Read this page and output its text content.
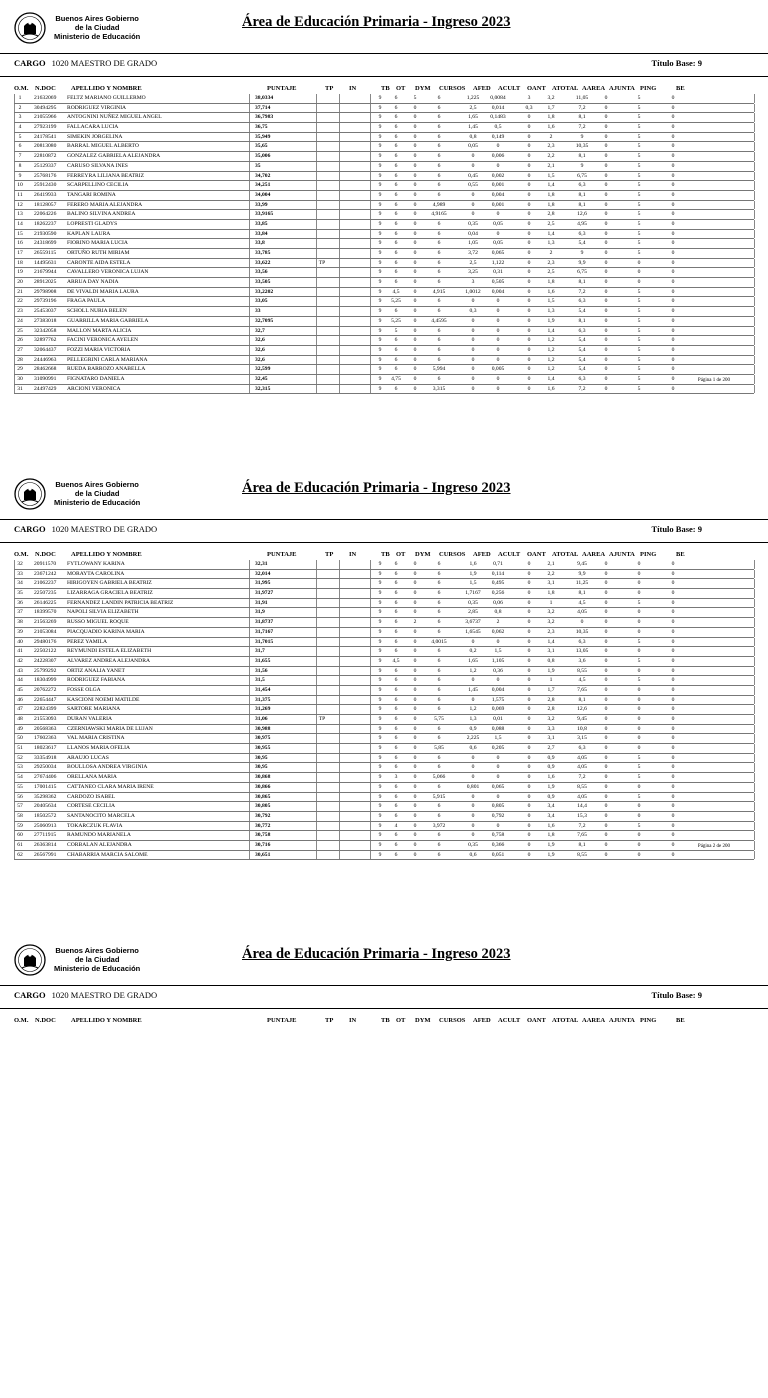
Buenos Aires Gobierno
de la Ciudad
Ministerio de Educación
Área de Educación Primaria - Ingreso 2023
CARGO 1020 MAESTRO DE GRADO	Título Base: 9
O.M. N.DOC APELLIDO Y NOMBRE	PUNTAJE	TP IN	TB OT DYM CURSOS AFED ACULT OANT ATOTAL AAREA AJUNTA PING	BE
1 21632069 FELTZ MARIANO GUILLERMO	38,0334	9 6	5	6	1,225 0,0084	3	3,2	11,05	0	5	0
2 30494295 RODRIGUEZ VIRGINIA	37,714	9 6	0	6	2,5	0,014	0,3	1,7	7,2	0	5	0
3 21055966 ANTOGNINI NUÑEZ MIGUEL ANGEL	36,7983	9 6	0	6	1,65 0,1483	0	1,8	8,1	0	5	0
4 27923199 FALLACARA LUCIA	36,75	9 6	0	6	1,45	0,5	0	1,6	7,2	0	5	0
5 24178541 SIMEKIN JORGELINA	35,949	9 6	0	6	0,8	0,149	0	2	9	0	5	0
6 20813080 BARRAL MIGUEL ALBERTO	35,65	9 6	0	6	0,05	0	0	2,3	10,35	0	5	0
7 22810872 GONZALEZ GABRIELA ALEJANDRA	35,006	9 6	0	6	0	0,006	0	2,2	8,1	0	5	0
8 25129337 CARUSO SILVANA INES	35	9 6	0	6	0	0	0	2,1	9	0	5	0
9 25768176 FERREYRA LILIANA BEATRIZ	34,702	9 6	0	6	0,45 0,002	0	1,5	6,75	0	5	0
10 25912430 SCARPELLINO CECILIA	34,251	9 6	0	6	0,55 0,001	0	1,4	6,3	0	5	0
11 26419933 TANGARI ROMINA	34,004	9 6	0	6	0	0,004	0	1,8	8,1	0	5	0
12 18128057 FERERO MARIA ALEJANDRA	33,99	9 6	0	4,989	0	0,001	0	1,8	8,1	0	5	0
13 22064226 BALINO SILVINA ANDREA	33,9165	9 6	0	4,9165	0	0	0	2,8	12,6	0	5	0
14 18262237 LOPRESTI GLADYS	33,85	9 6	0	6	0,35	0,05	0	2,5	4,95	0	5	0
15 21930590 KAPLAN LAURA	33,84	9 6	0	6	0,04	0	0	1,4	6,3	0	5	0
16 24318699 FIORINO MARIA LUCIA	33,8	9 6	0	6	1,05	0,05	0	1,3	5,4	0	5	0
17 26559115 ORTUÑO RUTH MIRIAM	33,785	9 6	0	6	3,72 0,065	0	2	9	0	5	0
18 14495631 CARONTE AIDA ESTELA	33,622	TP	9 6	0	6	2,5	1,122	0	2,3	9,9	0	0	0
19 21679944 CAVALLERO VERONICA LUJAN	33,56	9 6	0	6	3,25	0,31	0	2,5	6,75	0	0	0
20 28912025 ARRUA DAY NADIA	33,505	9 6	0	6	3	0,505	0	1,8	8,1	0	0	0
21 29798908 DE VIVALDI MARIA LAURA	33,2202	9 4,5	0	4,915	1,0012 0,004	0	1,6	7,2	0	5	0
22 29739196 FRAGA PAULA	33,05	9 5,25 0	6	0	0	0	1,5	6,3	0	5	0
23 25453037 SCHOLL NURIA BELEN	33	9 6	0	6	0,3	0	0	1,3	5,4	0	5	0
24 27383018 GUARRILLA MARIA GABRIELA	32,7095	9 5,25 0	4,4595	0	0	0	1,9	8,1	0	5	0
25 32342058 MALLON MARTA ALICIA	32,7	9 5	0	6	0	0	0	1,4	6,3	0	5	0
26 32897762 FACINI VERONICA AYELEN	32,6	9 6	0	6	0	0	0	1,2	5,4	0	5	0
27 32064437 FOZZI MARIA VICTORIA	32,6	9 6	0	6	0	0	0	1,2	5,4	0	5	0
28 24446963 PELLEGRINI CARLA MARIANA	32,6	9 6	0	6	0	0	0	1,2	5,4	0	5	0
29 28462668 RUEDA BARROZO ANABELLA	32,599	9 6	0	5,994	0	0,005	0	1,2	5,4	0	5	0
30 31090991 FIGNATARO DANIELA	32,45	9 4,75 0	6	0	0	0	1,4	6,3	0	5	0
31 24497429 ARCIONI VERONICA	32,315	9 6	0	3,315	0	0	0	1,6	7,2	0	5	0
Página 1 de 200
Buenos Aires Gobierno
de la Ciudad
Ministerio de Educación
Área de Educación Primaria - Ingreso 2023
CARGO 1020 MAESTRO DE GRADO	Título Base: 9
O.M. N.DOC APELLIDO Y NOMBRE	PUNTAJE	TP IN	TB OT DYM CURSOS AFED ACULT OANT ATOTAL AAREA AJUNTA PING	BE
32 20911570 FYTLOWANY KARINA	32,31	9 6	0	6	1,6	0,71	0	2,1	9,45	0	0	0
33 23671242 MORAYTA CAROLINA	32,014	9 6	0	6	1,9	0,114	0	2,2	9,9	0	0	0
34 21062237 HIRIGOYEN GABRIELA BEATRIZ	31,995	9 6	0	6	1,5	0,495	0	3,1	11,25	0	0	0
35 22507235 LIZARRAGA GRACIELA BEATRIZ	31,9727	9 6	0	6	1,7167 0,256	0	1,8	8,1	0	0	0
36 26146225 FERNANDEZ LANDIN PATRICIA BEATRIZ	31,91	9 6	0	6	0,35	0,06	0	1	4,5	0	5	0
37 18399570 NAPOLI SILVIA ELIZABETH	31,9	9 6	0	6	2,85	0,8	0	3,2	4,05	0	0	0
38 21563269 RUSSO MIGUEL ROQUE	31,8737	9 6	2	6	3,6737	2	0	3,2	0	0	0	0
39 21053084 PIACQUADIO KARINA MARIA	31,7167	9 6	0	6	1,6545 0,062	0	2,3	10,35	0	0	0
40 29480176 PEREZ YAMILA	31,7015	9 6	0	4,0015	0	0	0	1,4	6,3	0	5	0
41 22502122 REYMUNDI ESTELA ELIZABETH	31,7	9 6	0	6	0,2	1,5	0	3,1	13,05	0	0	0
42 24228307 ALVAREZ ANDREA ALEJANDRA	31,655	9 4,5	0	6	1,65 1,105	0	0,8	3,6	0	5	0
43 25799292 ORTIZ ANALIA YANET	31,56	9 6	0	6	1,2	0,36	0	1,9	8,55	0	0	0
44 18304999 RODRIGUEZ FABIANA	31,5	9 6	0	6	0	0	0	1	4,5	0	5	0
45 20762272 FOSSE OLGA	31,454	9 6	0	6	1,45 0,004	0	1,7	7,65	0	0	0
46 22654447 KASCIONI NOEMI MATILDE	31,375	9 6	0	6	0	1,575	0	2,8	8,1	0	0	0
47 22824399 SARTORE MARIANA	31,269	9 6	0	6	1,2	0,069	0	2,8	12,6	0	0	0
48 21553093 DURAN VALERIA	31,06	TP	9 6	0	5,75	1,3	0,01	0	3,2	9,45	0	0	0
49 20568363 CZERNIAWSKI MARIA DE LUJAN	30,988	9 6	0	6	0,9	0,088	0	3,3	10,8	0	0	0
50 17602363 VAL MARIA CRISTINA	30,975	9 6	0	6	2,225	1,5	0	3,1	3,15	0	0	0
51 18023617 LLANOS MARIA OFELIA	30,955	9 6	0	5,85	0,6	0,205	0	2,7	6,3	0	0	0
52 33354918 ARAUJO LUCAS	30,95	9 6	0	6	0	0	0	0,9	4,05	0	5	0
53 29250034 BOULLOSA ANDREA VIRGINIA	30,95	9 6	0	6	0	0	0	0,9	4,05	0	5	0
54 27674406 ORELLANA MARIA	30,868	9 3	0	5,066	0	0	0	1,6	7,2	0	5	0
55 17001415 CATTANEO CLARA MARIA IRENE	30,866	9 6	0	6	0,801 0,065	0	1,9	8,55	0	0	0
56 35298362 CARDOZO ISABEL	30,865	9 6	0	5,915	0	0	0	0,9	4,05	0	5	0
57 20405634 CORTESE CECILIA	30,805	9 6	0	6	0	0,805	0	3,4	14,4	0	0	0
58 18502572 SANTANOCITO MARCELA	30,792	9 6	0	6	0	0,792	0	3,4	15,3	0	0	0
59 25060913 TOKARCZUK FLAVIA	30,772	9 4	0	3,972	0	0	0	1,6	7,2	0	5	0
60 27711915 RAMUNDO MARIANELA	30,758	9 6	0	6	0	0,758	0	1,8	7,65	0	0	0
61 26363814 CORBALAN ALEJANDRA	30,716	9 6	0	6	0,35 0,366	0	1,9	8,1	0	0	0
62 26567991 CHABARRIA MARCIA SALOME	30,651	9 6	0	6	0,6	0,051	0	1,9	8,55	0	0	0
Página 2 de 200
Buenos Aires Gobierno
de la Ciudad
Ministerio de Educación
Área de Educación Primaria - Ingreso 2023
CARGO 1020 MAESTRO DE GRADO	Título Base: 9
O.M. N.DOC APELLIDO Y NOMBRE	PUNTAJE	TP IN	TB OT DYM CURSOS AFED ACULT OANT ATOTAL AAREA AJUNTA PING	BE
